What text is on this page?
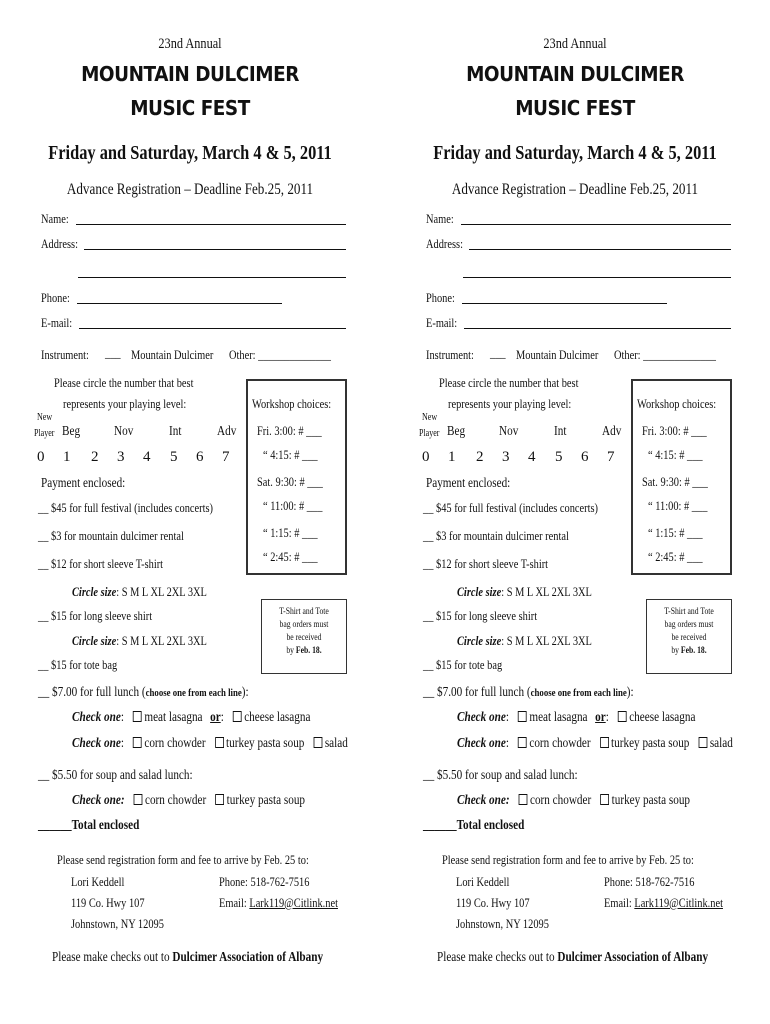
23nd Annual
MOUNTAIN DULCIMER
MUSIC FEST
Friday and Saturday, March 4 & 5, 2011
Advance Registration – Deadline Feb.25, 2011
Name:
Address:
Phone:
E-mail:
Instrument: ___ Mountain Dulcimer Other: ______________
Please circle the number that best
represents your playing level:
New
Player Beg Nov	Int	Adv
0 1 2 3 4 5 6 7
Workshop choices:
Fri. 3:00: # ___
“ 4:15: # ___
Sat. 9:30: # ___
“ 11:00: # ___
“ 1:15: # ___
“ 2:45: # ___
Payment enclosed:
__ $45 for full festival (includes concerts)
__ $3 for mountain dulcimer rental
__ $12 for short sleeve T-shirt
Circle size: S M L XL 2XL 3XL
__ $15 for long sleeve shirt
Circle size: S M L XL 2XL 3XL
__ $15 for tote bag
T-Shirt and Tote
bag orders must
be received
by Feb. 18.
__ $7.00 for full lunch (choose one from each line):
Check one: meat lasagna or: cheese lasagna
Check one: corn chowder turkey pasta soup salad
__ $5.50 for soup and salad lunch:
Check one: corn chowder turkey pasta soup
______Total enclosed
Please send registration form and fee to arrive by Feb. 25 to:
Lori Keddell
119 Co. Hwy 107
Johnstown, NY 12095
Phone: 518-762-7516
Email: Lark119@Citlink.net
Please make checks out to Dulcimer Association of Albany
23nd Annual
MOUNTAIN DULCIMER
MUSIC FEST
Friday and Saturday, March 4 & 5, 2011
Advance Registration – Deadline Feb.25, 2011
Name:
Address:
Phone:
E-mail:
Instrument: ___ Mountain Dulcimer Other: ______________
Please circle the number that best
represents your playing level:
New
Player Beg Nov	Int	Adv
0 1 2 3 4 5 6 7
Workshop choices:
Fri. 3:00: # ___
“ 4:15: # ___
Sat. 9:30: # ___
“ 11:00: # ___
“ 1:15: # ___
“ 2:45: # ___
Payment enclosed:
__ $45 for full festival (includes concerts)
__ $3 for mountain dulcimer rental
__ $12 for short sleeve T-shirt
Circle size: S M L XL 2XL 3XL
__ $15 for long sleeve shirt
Circle size: S M L XL 2XL 3XL
__ $15 for tote bag
T-Shirt and Tote
bag orders must
be received
by Feb. 18.
__ $7.00 for full lunch (choose one from each line):
Check one: meat lasagna or: cheese lasagna
Check one: corn chowder turkey pasta soup salad
__ $5.50 for soup and salad lunch:
Check one: corn chowder turkey pasta soup
______Total enclosed
Please send registration form and fee to arrive by Feb. 25 to:
Lori Keddell
119 Co. Hwy 107
Johnstown, NY 12095
Phone: 518-762-7516
Email: Lark119@Citlink.net
Please make checks out to Dulcimer Association of Albany
